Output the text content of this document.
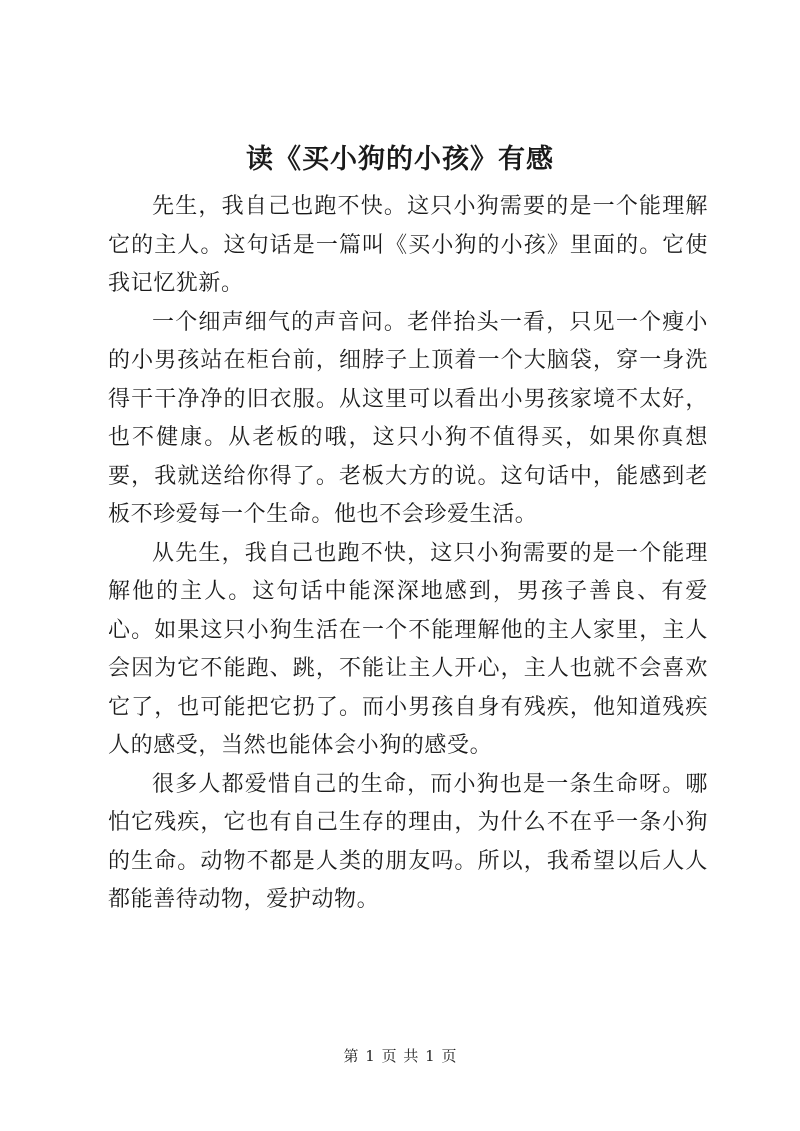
读《买小狗的小孩》有感

先生，我自己也跑不快。这只小狗需要的是一个能理解它的主人。这句话是一篇叫《买小狗的小孩》里面的。它使我记忆犹新。

一个细声细气的声音问。老伴抬头一看，只见一个瘦小的小男孩站在柜台前，细脖子上顶着一个大脑袋，穿一身洗得干干净净的旧衣服。从这里可以看出小男孩家境不太好，也不健康。从老板的哦，这只小狗不值得买，如果你真想要，我就送给你得了。老板大方的说。这句话中，能感到老板不珍爱每一个生命。他也不会珍爱生活。

从先生，我自己也跑不快，这只小狗需要的是一个能理解他的主人。这句话中能深深地感到，男孩子善良、有爱心。如果这只小狗生活在一个不能理解他的主人家里，主人会因为它不能跑、跳，不能让主人开心，主人也就不会喜欢它了，也可能把它扔了。而小男孩自身有残疾，他知道残疾人的感受，当然也能体会小狗的感受。

很多人都爱惜自己的生命，而小狗也是一条生命呀。哪怕它残疾，它也有自己生存的理由，为什么不在乎一条小狗的生命。动物不都是人类的朋友吗。所以，我希望以后人人都能善待动物，爱护动物。

第 1 页 共 1 页
